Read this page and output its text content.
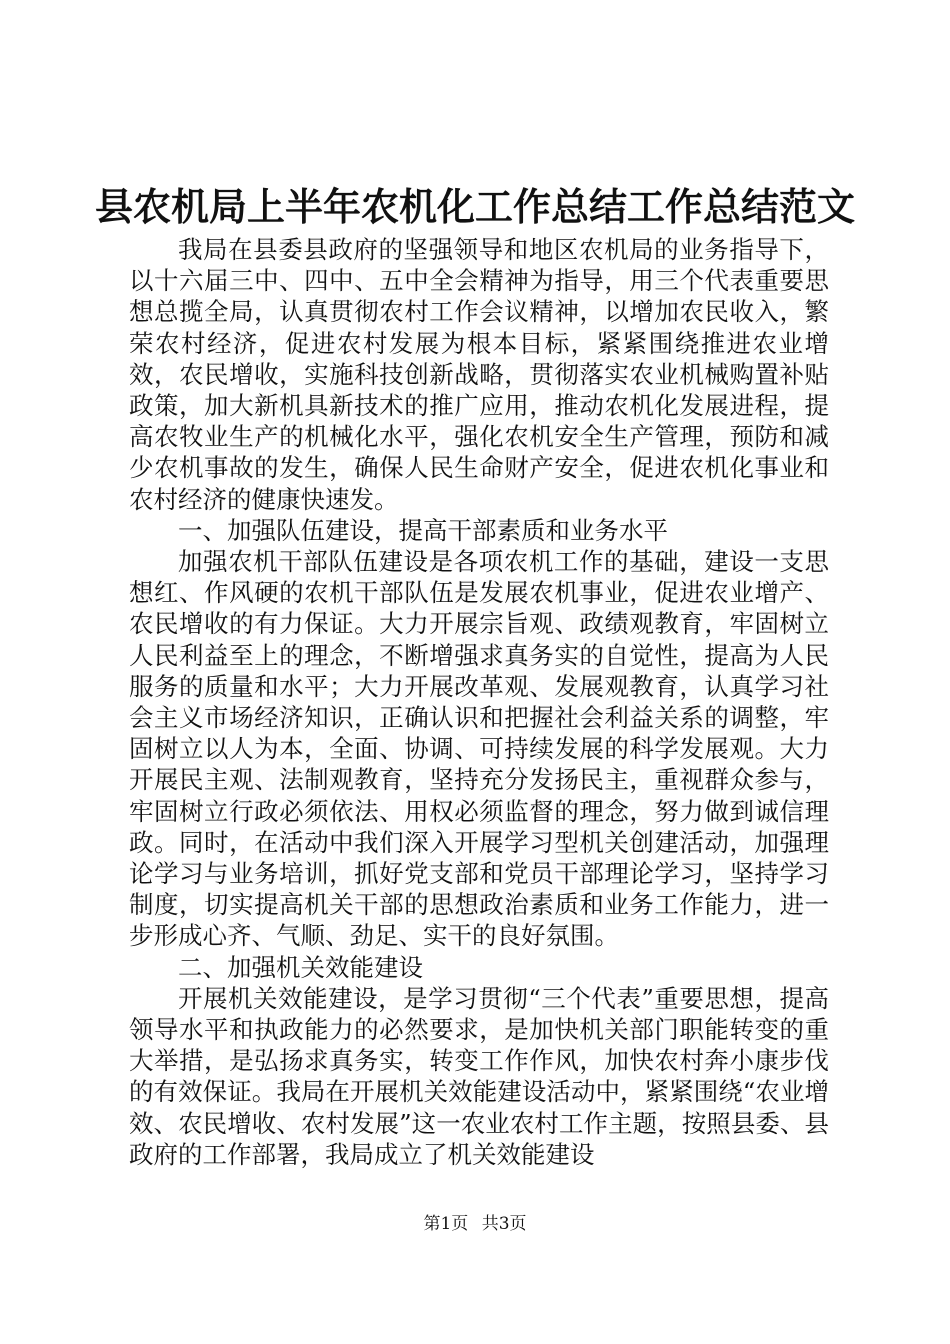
县农机局上半年农机化工作总结工作总结范文

我局在县委县政府的坚强领导和地区农机局的业务指导下，以十六届三中、四中、五中全会精神为指导，用三个代表重要思想总揽全局，认真贯彻农村工作会议精神，以增加农民收入，繁荣农村经济，促进农村发展为根本目标，紧紧围绕推进农业增效，农民增收，实施科技创新战略，贯彻落实农业机械购置补贴政策，加大新机具新技术的推广应用，推动农机化发展进程，提高农牧业生产的机械化水平，强化农机安全生产管理，预防和减少农机事故的发生，确保人民生命财产安全，促进农机化事业和农村经济的健康快速发。

一、加强队伍建设，提高干部素质和业务水平

加强农机干部队伍建设是各项农机工作的基础，建设一支思想红、作风硬的农机干部队伍是发展农机事业，促进农业增产、农民增收的有力保证。大力开展宗旨观、政绩观教育，牢固树立人民利益至上的理念，不断增强求真务实的自觉性，提高为人民服务的质量和水平；大力开展改革观、发展观教育，认真学习社会主义市场经济知识，正确认识和把握社会利益关系的调整，牢固树立以人为本，全面、协调、可持续发展的科学发展观。大力开展民主观、法制观教育，坚持充分发扬民主，重视群众参与，牢固树立行政必须依法、用权必须监督的理念，努力做到诚信理政。同时，在活动中我们深入开展学习型机关创建活动，加强理论学习与业务培训，抓好党支部和党员干部理论学习，坚持学习制度，切实提高机关干部的思想政治素质和业务工作能力，进一步形成心齐、气顺、劲足、实干的良好氛围。

二、加强机关效能建设

开展机关效能建设，是学习贯彻“三个代表”重要思想，提高领导水平和执政能力的必然要求，是加快机关部门职能转变的重大举措，是弘扬求真务实，转变工作作风，加快农村奔小康步伐的有效保证。我局在开展机关效能建设活动中，紧紧围绕“农业增效、农民增收、农村发展”这一农业农村工作主题，按照县委、县政府的工作部署，我局成立了机关效能建设

第1页 共3页
